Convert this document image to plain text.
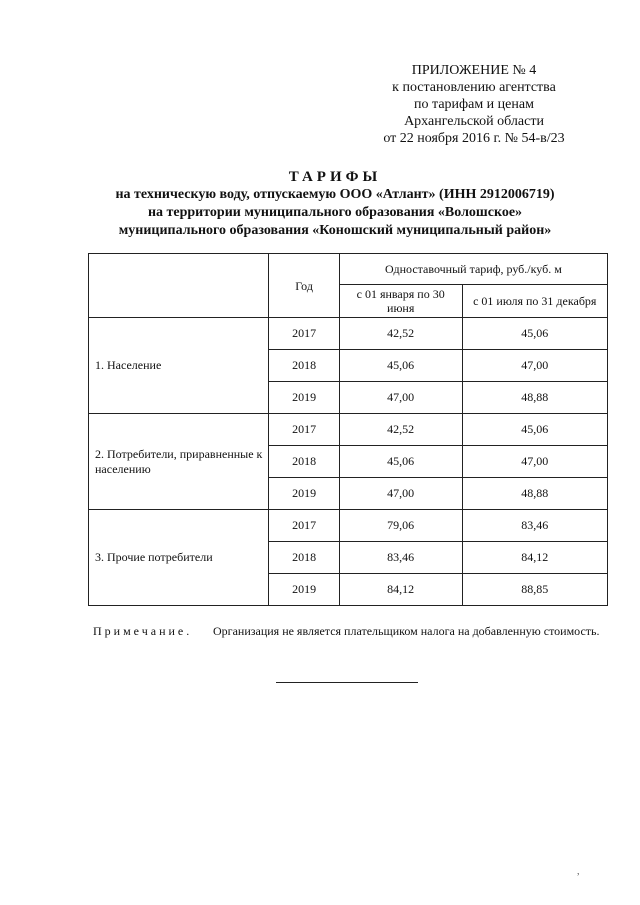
ПРИЛОЖЕНИЕ № 4
к постановлению агентства
по тарифам и ценам
Архангельской области
от 22 ноября 2016 г. № 54-в/23
ТАРИФЫ
на техническую воду, отпускаемую ООО «Атлант» (ИНН 2912006719)
на территории муниципального образования «Волошское»
муниципального образования «Коношский муниципальный район»
	Год	Одноставочный тариф, руб./куб. м	
		с 01 января по 30 июня	с 01 июля по 31 декабря
1. Население	2017	42,52	45,06
	2018	45,06	47,00
	2019	47,00	48,88
2. Потребители, приравненные к населению	2017	42,52	45,06
	2018	45,06	47,00
	2019	47,00	48,88
3. Прочие потребители	2017	79,06	83,46
	2018	83,46	84,12
	2019	84,12	88,85
Примечание. Организация не является плательщиком налога на добавленную стоимость.
,
